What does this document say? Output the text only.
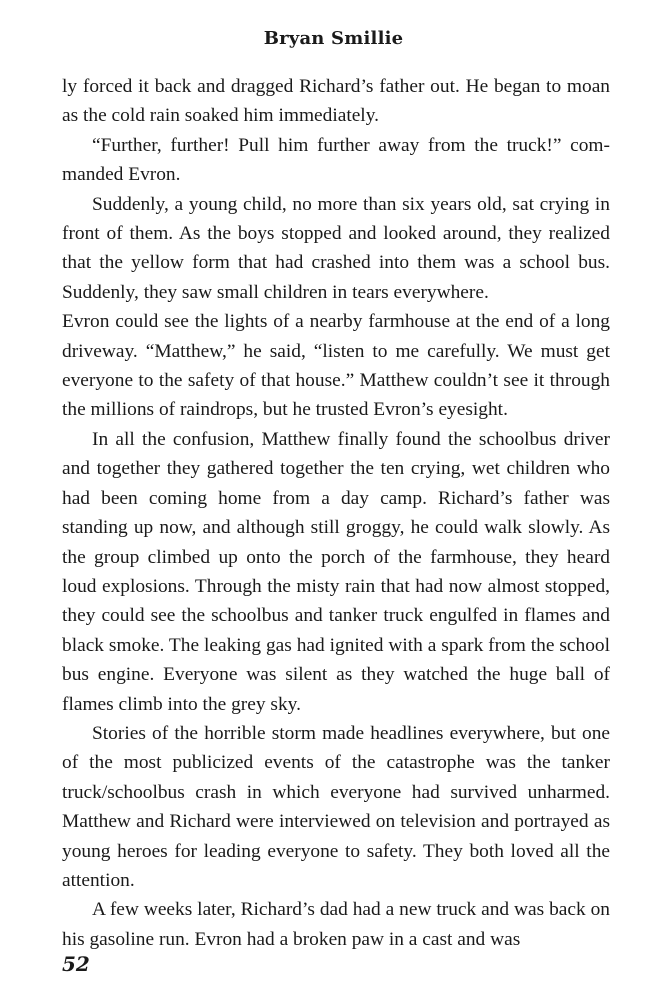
Bryan Smillie

ly forced it back and dragged Richard’s father out. He began to moan as the cold rain soaked him immediately.

“Further, further! Pull him further away from the truck!” commanded Evron.

Suddenly, a young child, no more than six years old, sat crying in front of them. As the boys stopped and looked around, they realized that the yellow form that had crashed into them was a school bus. Suddenly, they saw small children in tears everywhere.

Evron could see the lights of a nearby farmhouse at the end of a long driveway. “Matthew,” he said, “listen to me carefully. We must get everyone to the safety of that house.” Matthew couldn’t see it through the millions of raindrops, but he trusted Evron’s eyesight.

In all the confusion, Matthew finally found the schoolbus driver and together they gathered together the ten crying, wet children who had been coming home from a day camp. Richard’s father was standing up now, and although still groggy, he could walk slowly. As the group climbed up onto the porch of the farmhouse, they heard loud explosions. Through the misty rain that had now almost stopped, they could see the schoolbus and tanker truck engulfed in flames and black smoke. The leaking gas had ignited with a spark from the school bus engine. Everyone was silent as they watched the huge ball of flames climb into the grey sky.

Stories of the horrible storm made headlines everywhere, but one of the most publicized events of the catastrophe was the tanker truck/schoolbus crash in which everyone had survived unharmed. Matthew and Richard were interviewed on television and portrayed as young heroes for leading everyone to safety. They both loved all the attention.

A few weeks later, Richard’s dad had a new truck and was back on his gasoline run. Evron had a broken paw in a cast and was

52
